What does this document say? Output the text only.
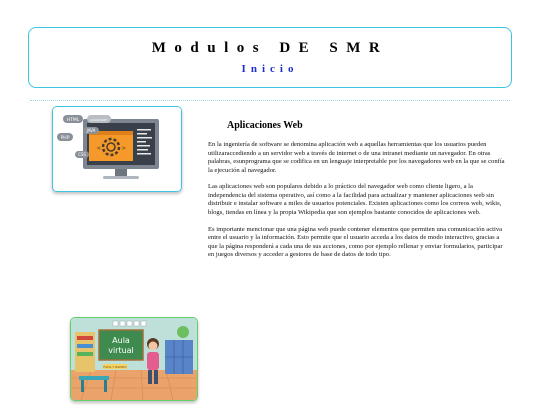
Modulos DE SMR
Inicio
<	>
HTML	JAVASCRIPT
JAVA
PHP
CSS
Aplicaciones Web

En la ingeniería de software se denomina aplicación web a aquellas herramientas que los usuarios pueden utilizaraccediendo a un servidor web a través de internet o de una intranet mediante un navegador. En otras palabras, esunprograma que se codifica en un lenguaje interpretable por los navegadores web en la que se confía la ejecución al navegador.

Las aplicaciones web son populares debido a lo práctico del navegador web como cliente ligero, a la independencia del sistema operativo, así como a la facilidad para actualizar y mantener aplicaciones web sin distribuir e instalar software a miles de usuarios potenciales. Existen aplicaciones como los correos web, wikis, blogs, tiendas en línea y la propia Wikipedia que son ejemplos bastante conocidos de aplicaciones web.

Es importante mencionar que una página web puede contener elementos que permiten una comunicación activa entre el usuario y la información. Esto permite que el usuario acceda a los datos de modo interactivo, gracias a que la página responderá a cada una de sus acciones, como por ejemplo rellenar y enviar formularios, participar en juegos diversos y acceder a gestores de base de datos de todo tipo.

Aula
virtual
FACIL Y RAPIDO
